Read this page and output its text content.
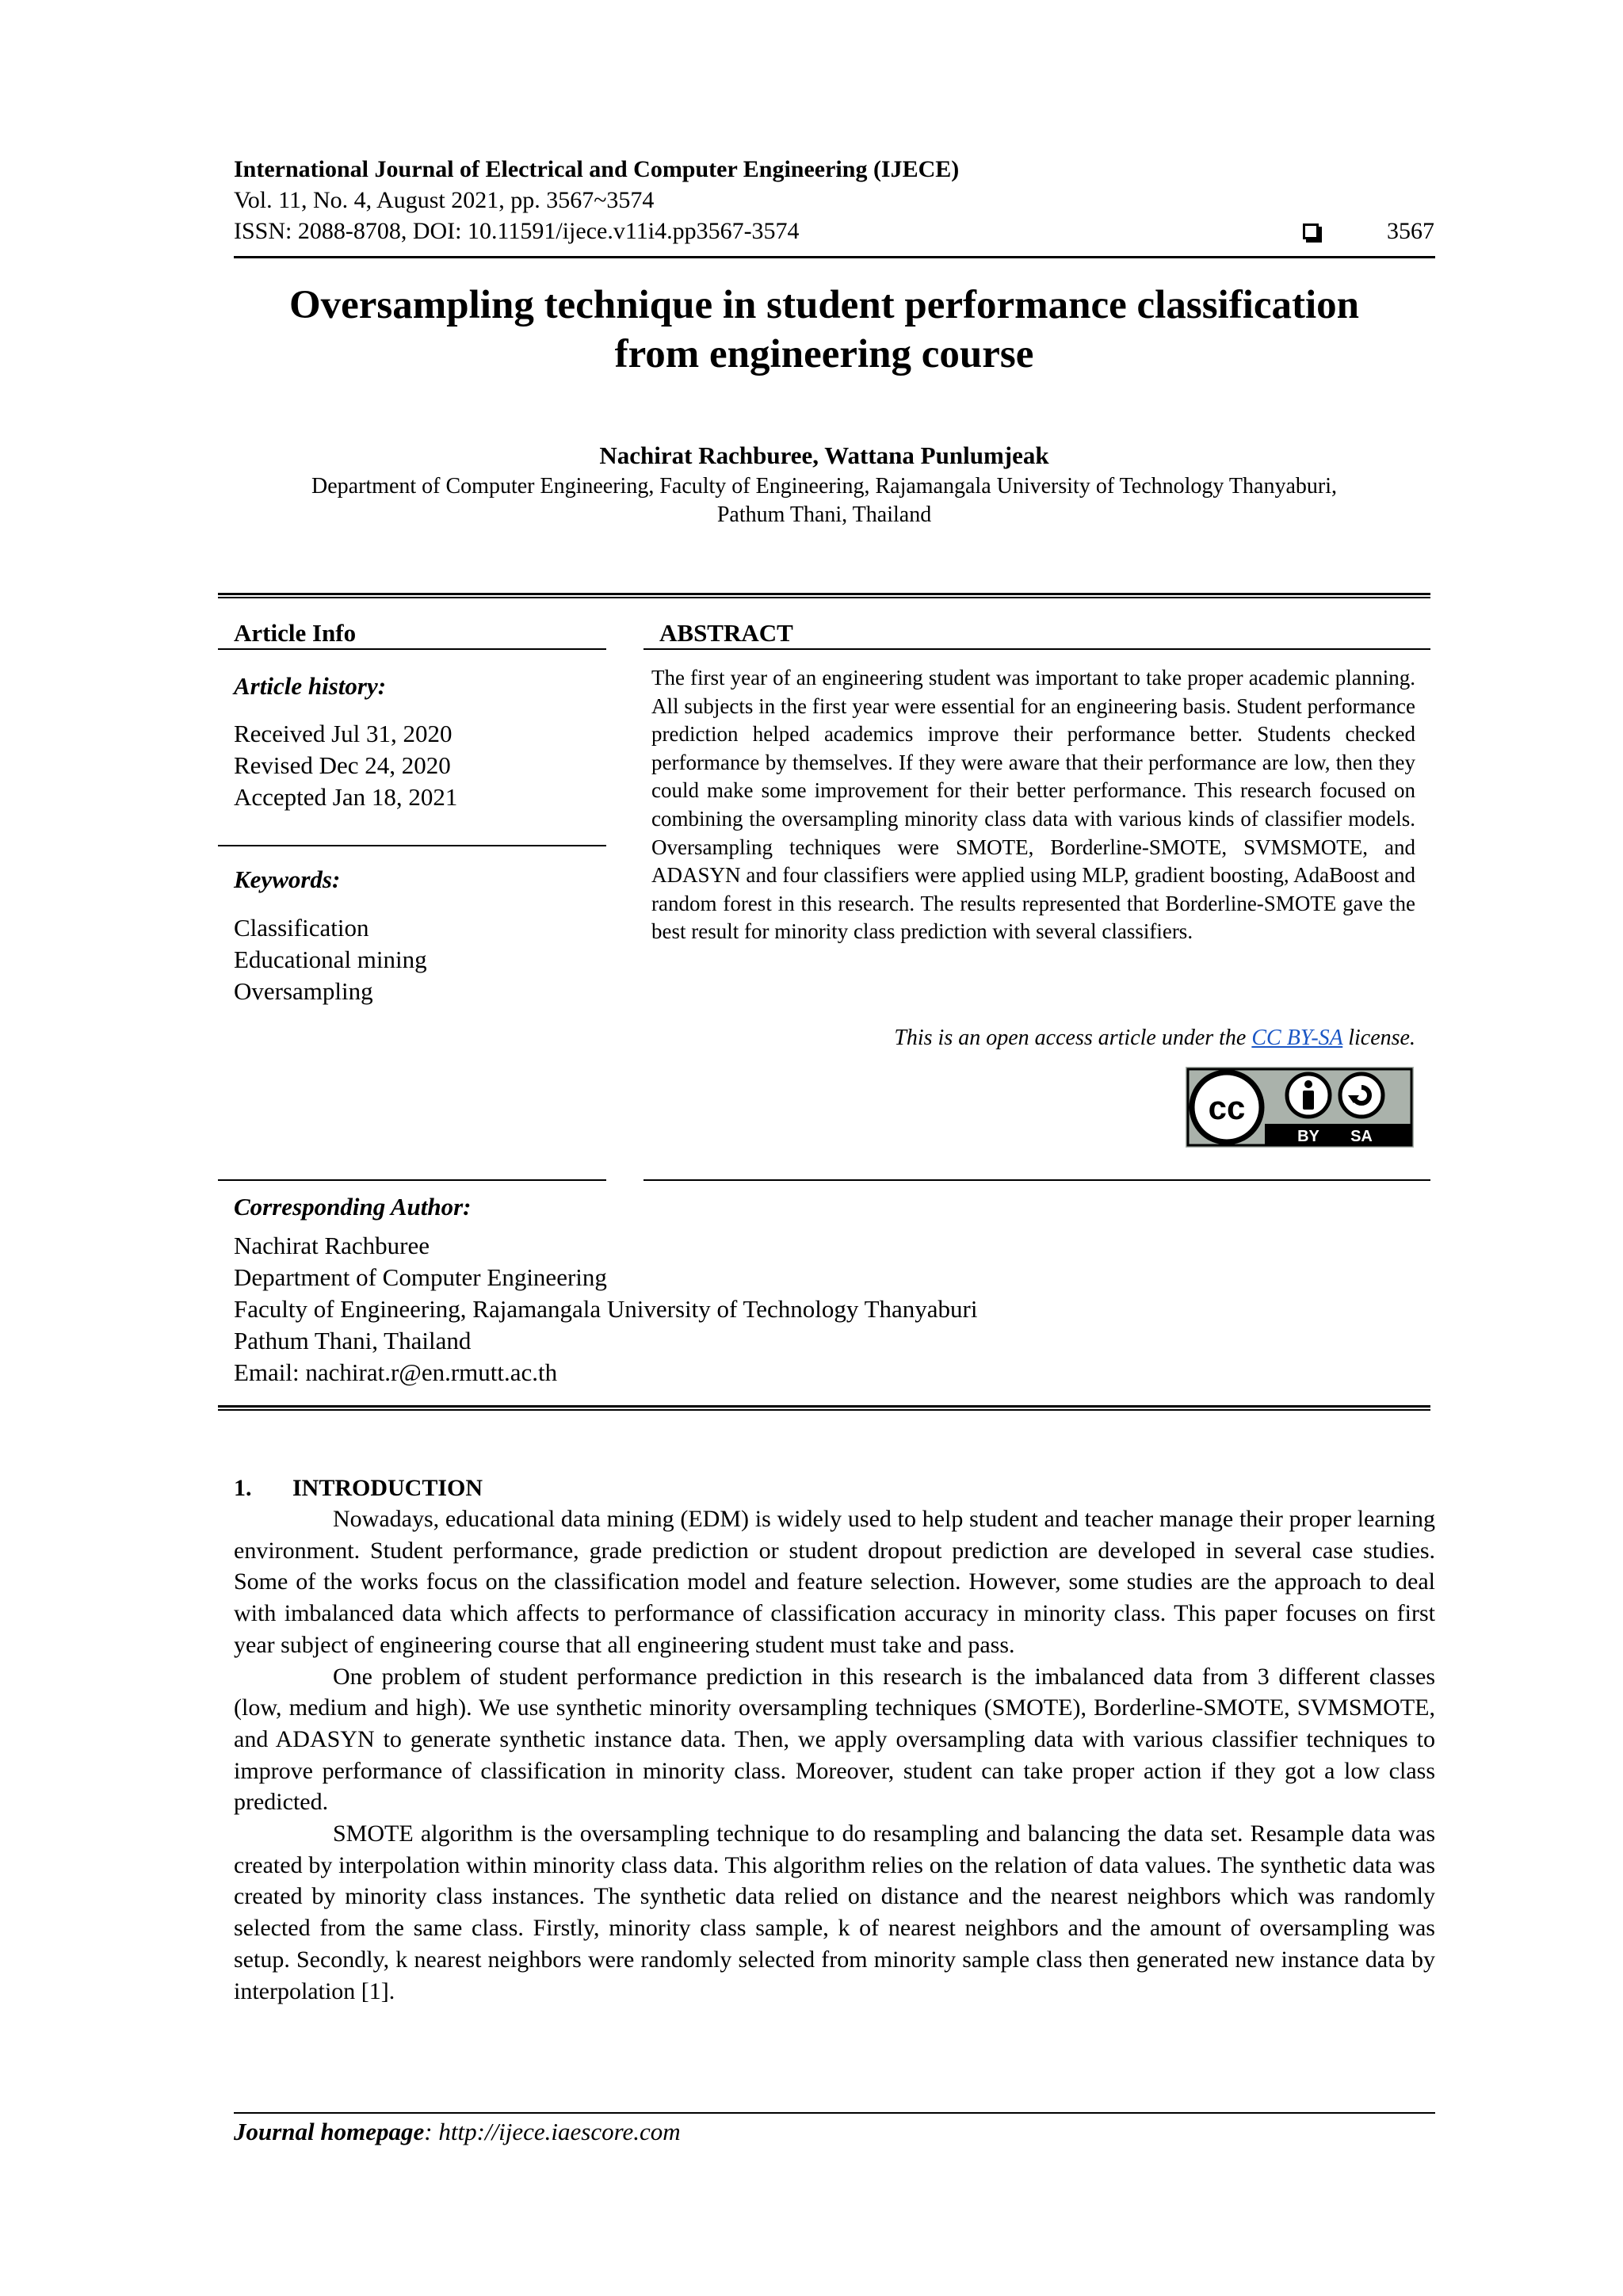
International Journal of Electrical and Computer Engineering (IJECE)
Vol. 11, No. 4, August 2021, pp. 3567~3574
ISSN: 2088-8708, DOI: 10.11591/ijece.v11i4.pp3567-3574	3567
Oversampling technique in student performance classification
from engineering course
Nachirat Rachburee, Wattana Punlumjeak
Department of Computer Engineering, Faculty of Engineering, Rajamangala University of Technology Thanyaburi,
Pathum Thani, Thailand
Article Info
Article history:
Received Jul 31, 2020
Revised Dec 24, 2020
Accepted Jan 18, 2021
Keywords:
Classification
Educational mining
Oversampling
ABSTRACT

The first year of an engineering student was important to take proper academic planning. All subjects in the first year were essential for an engineering basis. Student performance prediction helped academics improve their performance better. Students checked performance by themselves. If they were aware that their performance are low, then they could make some improvement for their better performance. This research focused on combining the oversampling minority class data with various kinds of classifier models. Oversampling techniques were SMOTE, Borderline-SMOTE, SVMSMOTE, and ADASYN and four classifiers were applied using MLP, gradient boosting, AdaBoost and random forest in this research. The results represented that Borderline-SMOTE gave the best result for minority class prediction with several classifiers.

This is an open access article under the CC BY-SA license.
cc
BY SA
Corresponding Author:
Nachirat Rachburee
Department of Computer Engineering
Faculty of Engineering, Rajamangala University of Technology Thanyaburi
Pathum Thani, Thailand
Email: nachirat.r@en.rmutt.ac.th
1. INTRODUCTION

Nowadays, educational data mining (EDM) is widely used to help student and teacher manage their proper learning environment. Student performance, grade prediction or student dropout prediction are developed in several case studies. Some of the works focus on the classification model and feature selection. However, some studies are the approach to deal with imbalanced data which affects to performance of classification accuracy in minority class. This paper focuses on first year subject of engineering course that all engineering student must take and pass.

One problem of student performance prediction in this research is the imbalanced data from 3 different classes (low, medium and high). We use synthetic minority oversampling techniques (SMOTE), Borderline-SMOTE, SVMSMOTE, and ADASYN to generate synthetic instance data. Then, we apply oversampling data with various classifier techniques to improve performance of classification in minority class. Moreover, student can take proper action if they got a low class predicted.

SMOTE algorithm is the oversampling technique to do resampling and balancing the data set. Resample data was created by interpolation within minority class data. This algorithm relies on the relation of data values. The synthetic data was created by minority class instances. The synthetic data relied on distance and the nearest neighbors which was randomly selected from the same class. Firstly, minority class sample, k of nearest neighbors and the amount of oversampling was setup. Secondly, k nearest neighbors were randomly selected from minority sample class then generated new instance data by interpolation [1].

Journal homepage: http://ijece.iaescore.com
